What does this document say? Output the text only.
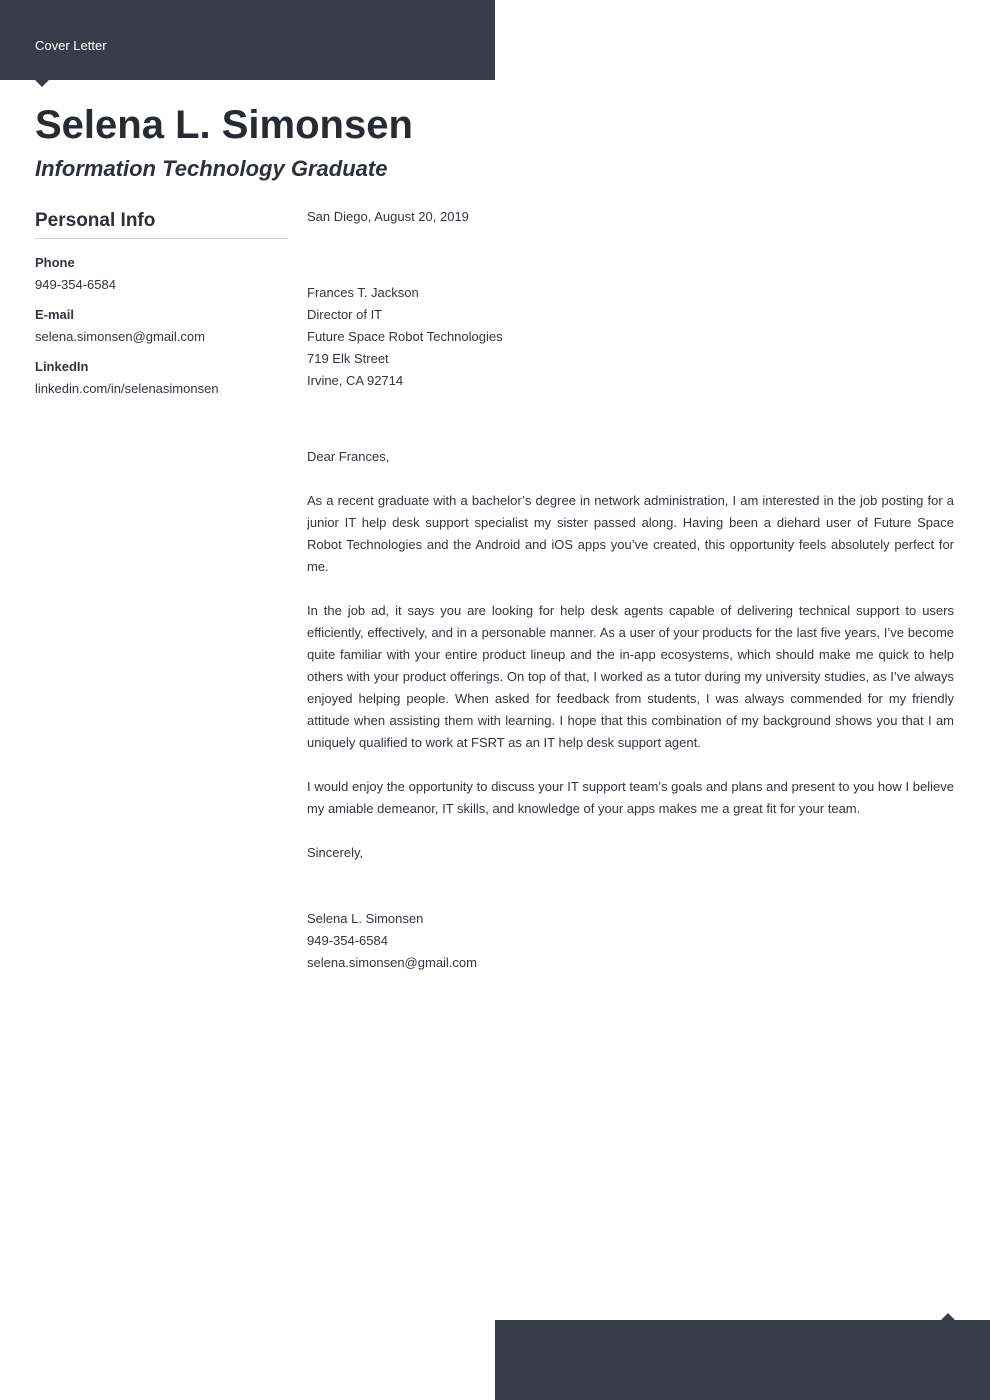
Cover Letter
Selena L. Simonsen
Information Technology Graduate
Personal Info
Phone
949-354-6584
E-mail
selena.simonsen@gmail.com
LinkedIn
linkedin.com/in/selenasimonsen

San Diego, August 20, 2019

Frances T. Jackson
Director of IT
Future Space Robot Technologies
719 Elk Street
Irvine, CA 92714

Dear Frances,

As a recent graduate with a bachelor’s degree in network administration, I am interested in the job posting for a junior IT help desk support specialist my sister passed along. Having been a diehard user of Future Space Robot Technologies and the Android and iOS apps you’ve created, this opportunity feels absolutely perfect for me.

In the job ad, it says you are looking for help desk agents capable of delivering technical support to users efficiently, effectively, and in a personable manner. As a user of your products for the last five years, I’ve become quite familiar with your entire product lineup and the in-app ecosystems, which should make me quick to help others with your product offerings. On top of that, I worked as a tutor during my university studies, as I’ve always enjoyed helping people. When asked for feedback from students, I was always commended for my friendly attitude when assisting them with learning. I hope that this combination of my background shows you that I am uniquely qualified to work at FSRT as an IT help desk support agent.

I would enjoy the opportunity to discuss your IT support team’s goals and plans and present to you how I believe my amiable demeanor, IT skills, and knowledge of your apps makes me a great fit for your team.

Sincerely,

Selena L. Simonsen
949-354-6584
selena.simonsen@gmail.com
